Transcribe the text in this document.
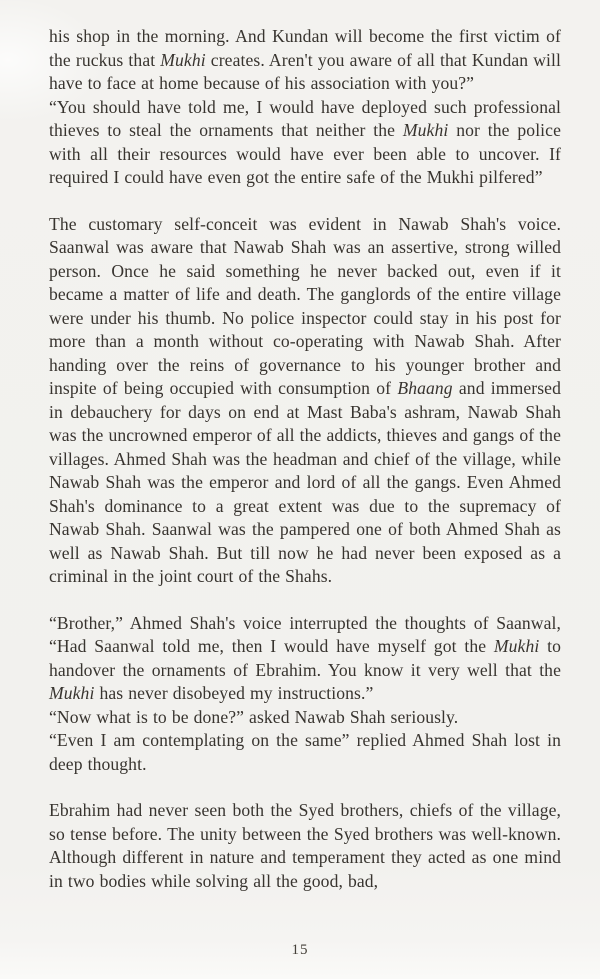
his shop in the morning. And Kundan will become the first victim of the ruckus that Mukhi creates. Aren't you aware of all that Kundan will have to face at home because of his association with you?”

“You should have told me, I would have deployed such professional thieves to steal the ornaments that neither the Mukhi nor the police with all their resources would have ever been able to uncover. If required I could have even got the entire safe of the Mukhi pilfered”

The customary self-conceit was evident in Nawab Shah's voice. Saanwal was aware that Nawab Shah was an assertive, strong willed person. Once he said something he never backed out, even if it became a matter of life and death. The ganglords of the entire village were under his thumb. No police inspector could stay in his post for more than a month without co-operating with Nawab Shah. After handing over the reins of governance to his younger brother and inspite of being occupied with consumption of Bhaang and immersed in debauchery for days on end at Mast Baba's ashram, Nawab Shah was the uncrowned emperor of all the addicts, thieves and gangs of the villages. Ahmed Shah was the headman and chief of the village, while Nawab Shah was the emperor and lord of all the gangs. Even Ahmed Shah's dominance to a great extent was due to the supremacy of Nawab Shah. Saanwal was the pampered one of both Ahmed Shah as well as Nawab Shah. But till now he had never been exposed as a criminal in the joint court of the Shahs.

“Brother,” Ahmed Shah's voice interrupted the thoughts of Saanwal, “Had Saanwal told me, then I would have myself got the Mukhi to handover the ornaments of Ebrahim. You know it very well that the Mukhi has never disobeyed my instructions.”

“Now what is to be done?” asked Nawab Shah seriously.

“Even I am contemplating on the same” replied Ahmed Shah lost in deep thought.

Ebrahim had never seen both the Syed brothers, chiefs of the village, so tense before. The unity between the Syed brothers was well-known. Although different in nature and temperament they acted as one mind in two bodies while solving all the good, bad,

15
